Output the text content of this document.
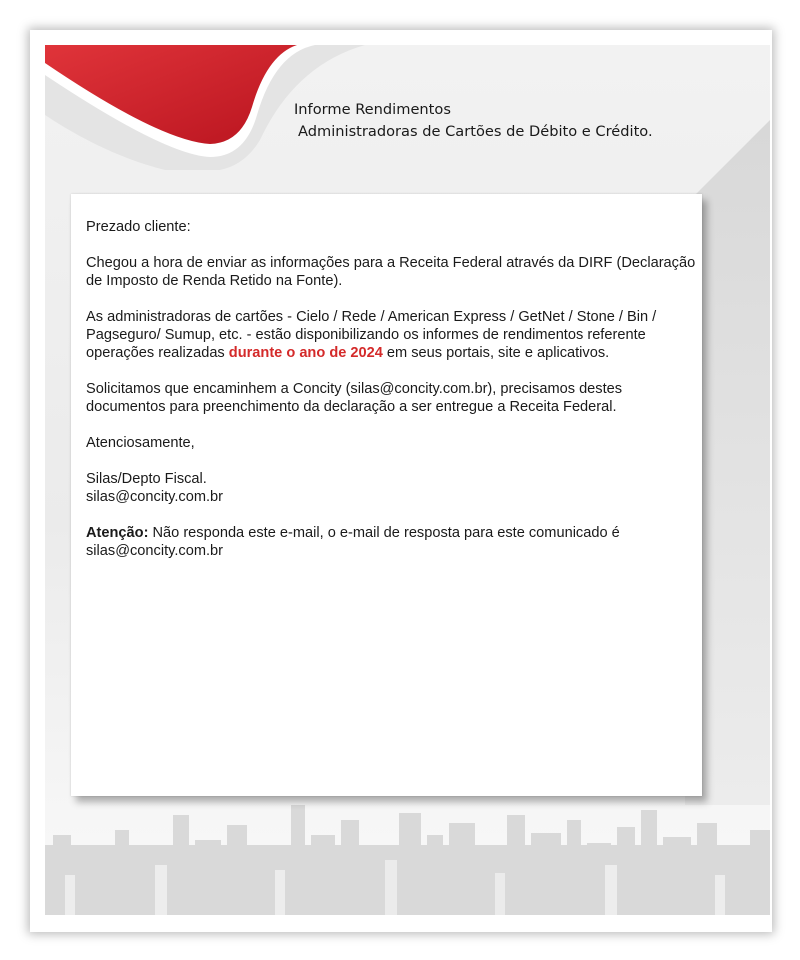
Informe Rendimentos
Administradoras de Cartões de Débito e Crédito.

Prezado cliente:

Chegou a hora de enviar as informações para a Receita Federal através da DIRF (Declaração de Imposto de Renda Retido na Fonte).

As administradoras de cartões - Cielo / Rede / American Express / GetNet / Stone / Bin / Pagseguro/ Sumup, etc. - estão disponibilizando os informes de rendimentos referente operações realizadas durante o ano de 2024 em seus portais, site e aplicativos.

Solicitamos que encaminhem a Concity (silas@concity.com.br), precisamos destes documentos para preenchimento da declaração a ser entregue a Receita Federal.

Atenciosamente,

Silas/Depto Fiscal.
silas@concity.com.br

Atenção: Não responda este e-mail, o e-mail de resposta para este comunicado é silas@concity.com.br
